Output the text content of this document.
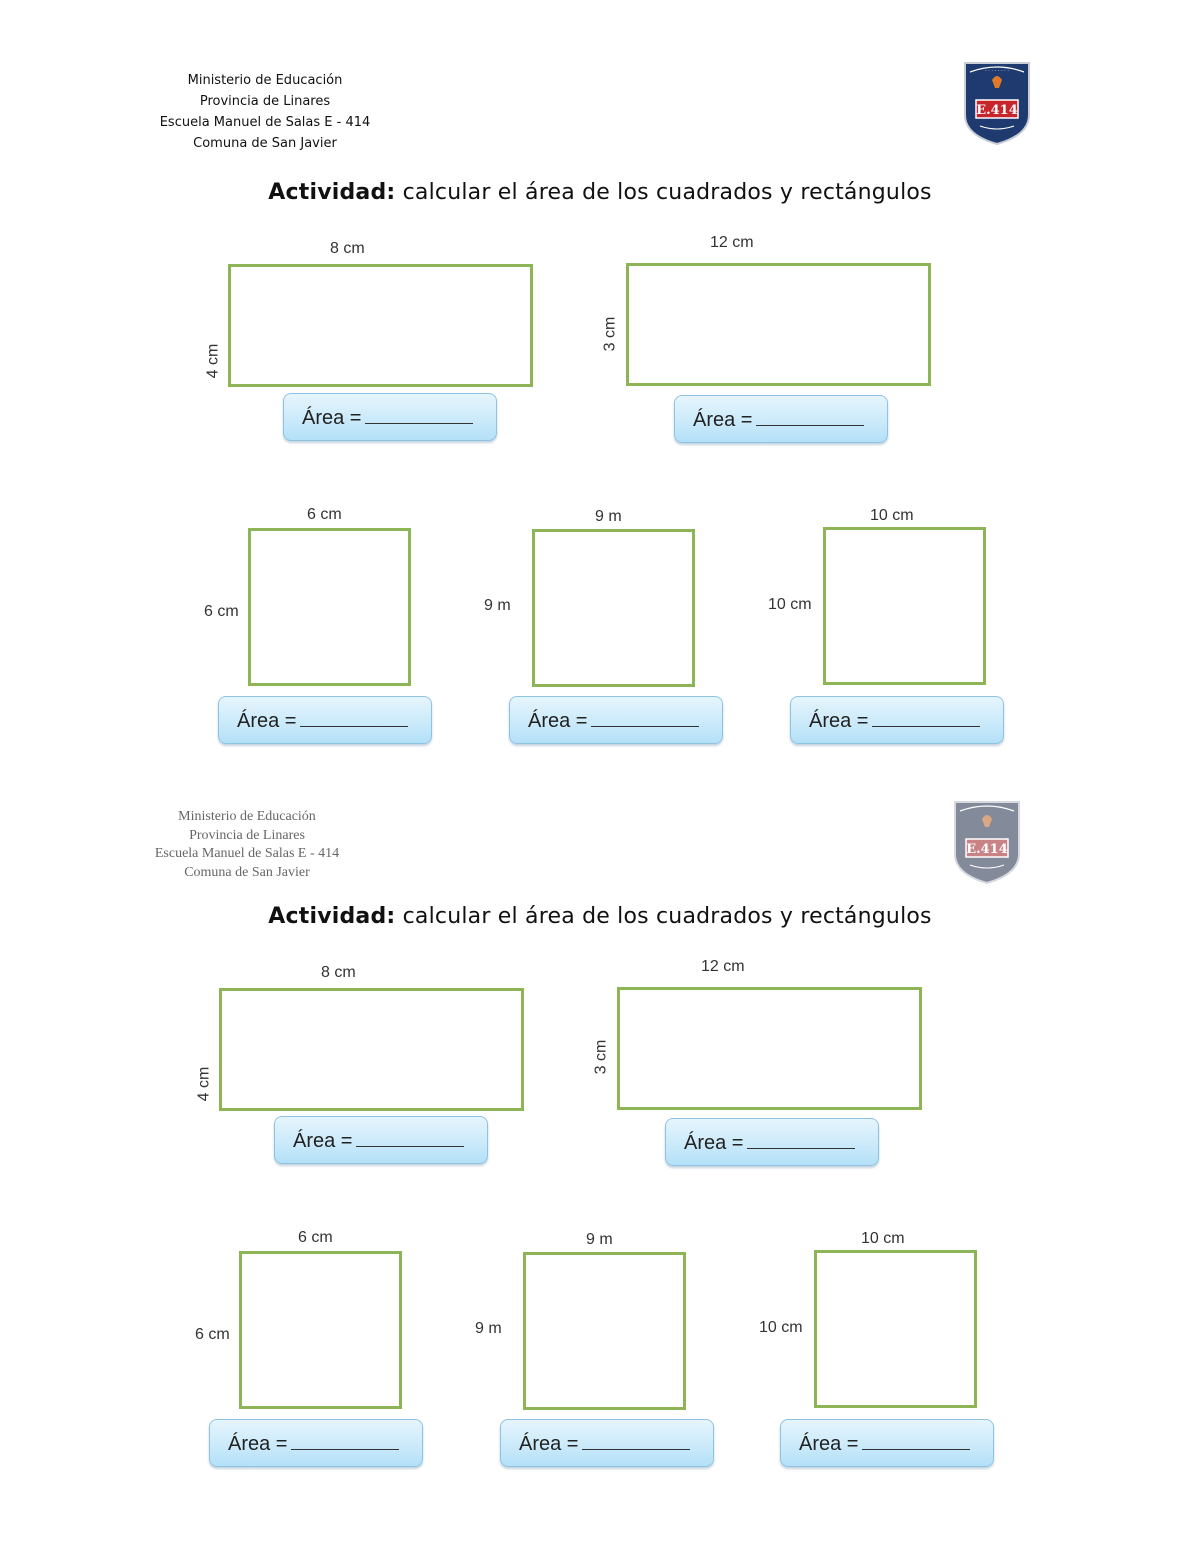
Ministerio de Educación
Provincia de Linares
Escuela Manuel de Salas E - 414
Comuna de San Javier
· · · · · · · ·
E.414
Actividad: calcular el área de los cuadrados y rectángulos
8 cm
4 cm
Área =
12 cm
3 cm
Área =
6 cm
6 cm
Área =
9 m
9 m
Área =
10 cm
10 cm
Área =
Ministerio de Educación
Provincia de Linares
Escuela Manuel de Salas E - 414
Comuna de San Javier
E.414
Actividad: calcular el área de los cuadrados y rectángulos
8 cm
4 cm
Área =
12 cm
3 cm
Área =
6 cm
6 cm
Área =
9 m
9 m
Área =
10 cm
10 cm
Área =
